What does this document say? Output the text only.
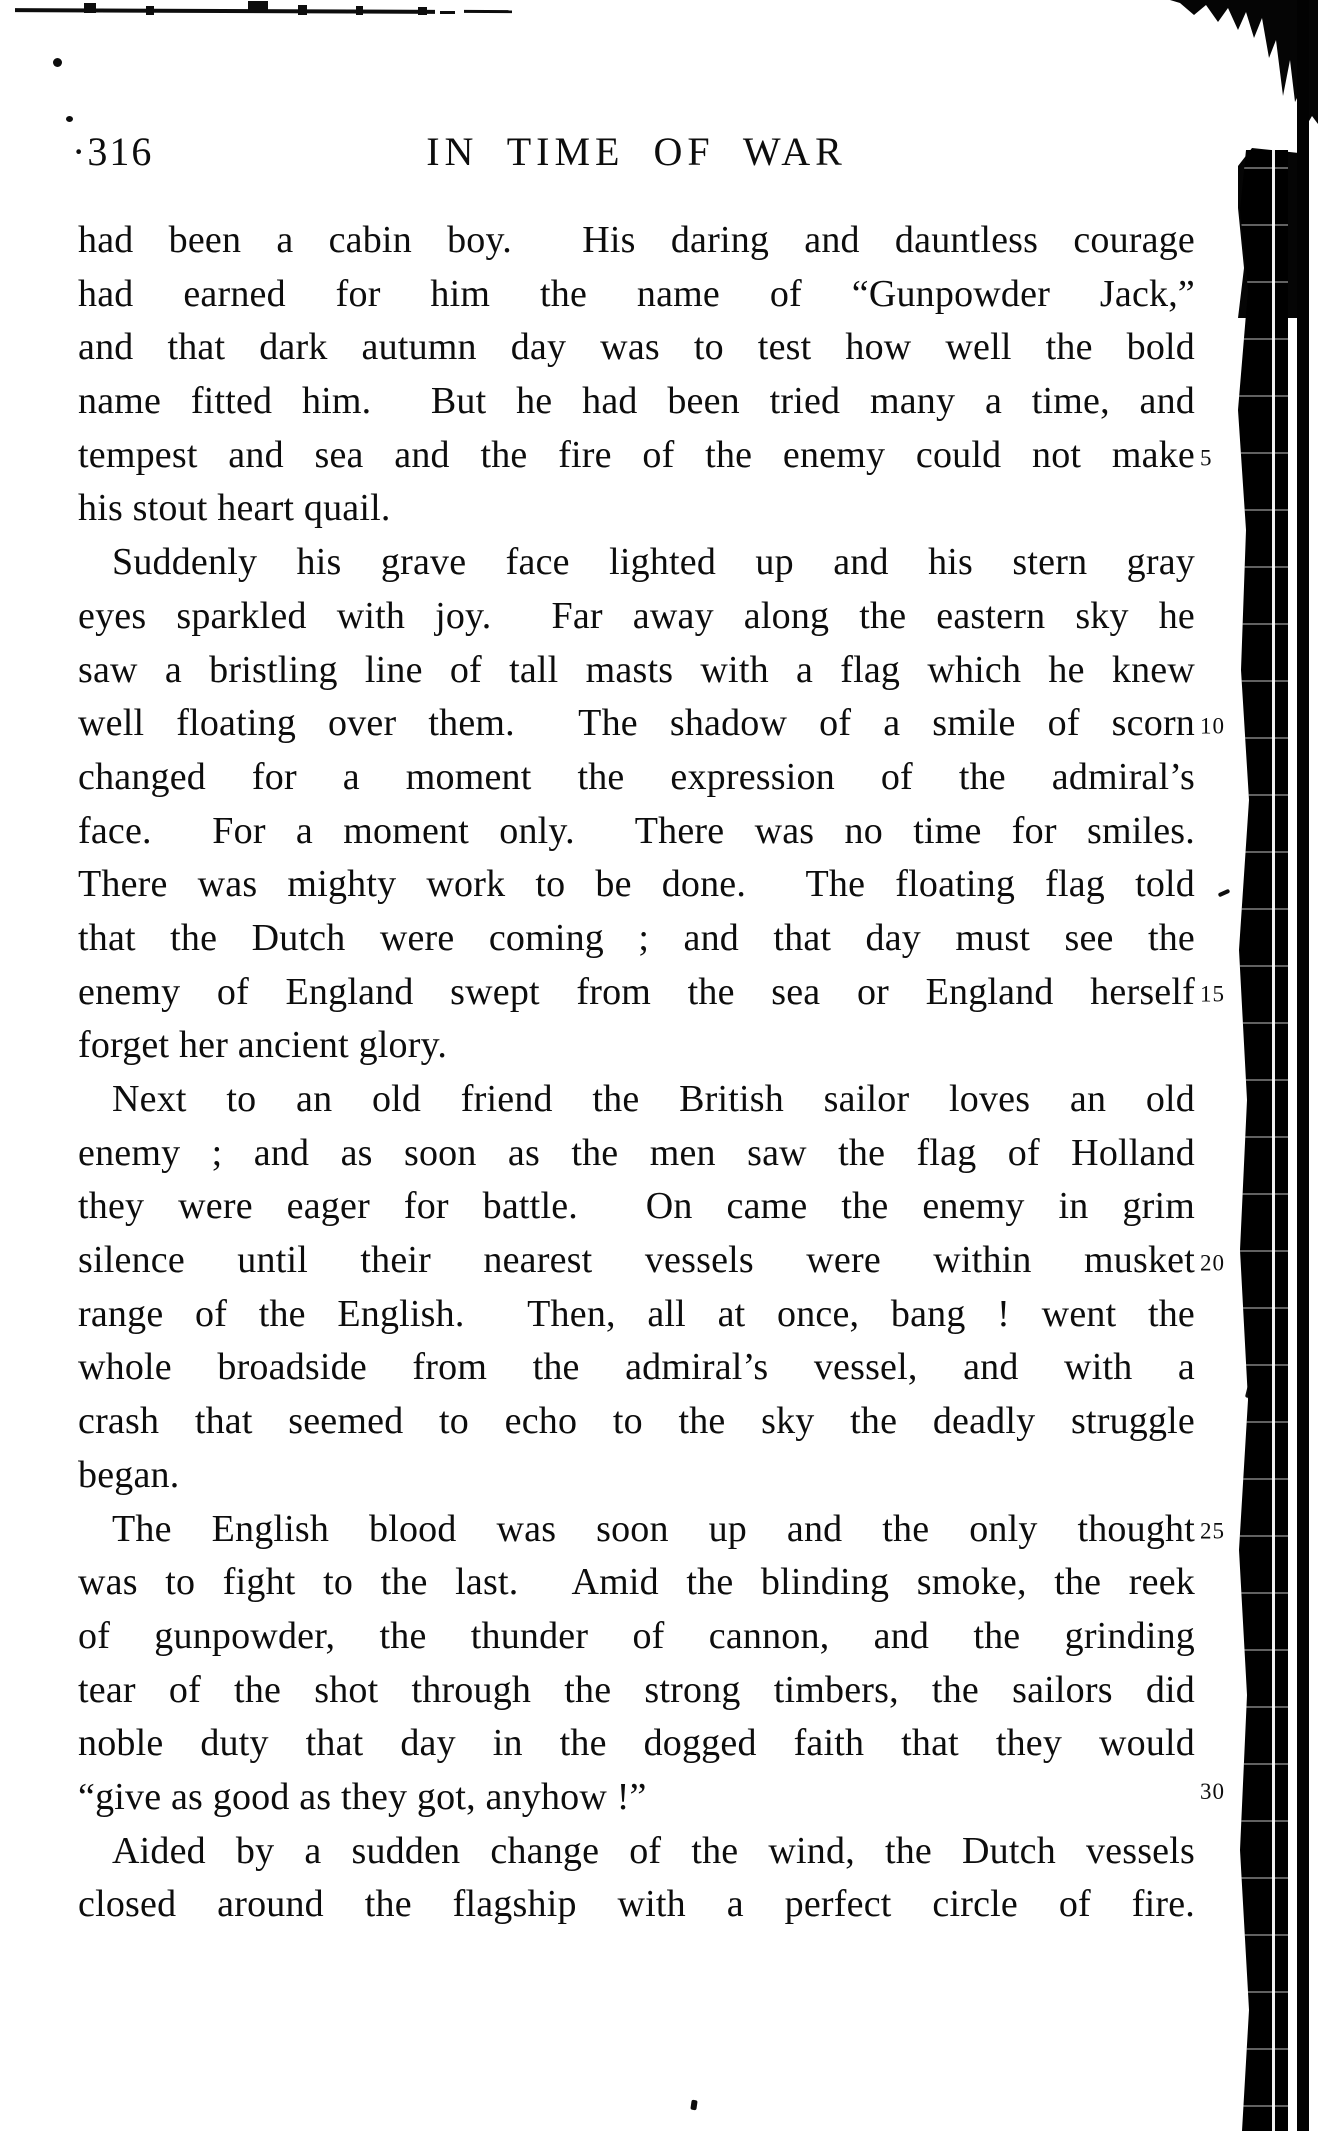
·316	IN TIME OF WAR
had been a cabin boy.  His daring and dauntless courage
had earned for him the name of “Gunpowder Jack,”
and that dark autumn day was to test how well the bold
name fitted him.  But he had been tried many a time, and
tempest and sea and the fire of the enemy could not make 5
his stout heart quail.
Suddenly his grave face lighted up and his stern gray
eyes sparkled with joy.  Far away along the eastern sky he
saw a bristling line of tall masts with a flag which he knew
well floating over them.  The shadow of a smile of scorn 10
changed for a moment the expression of the admiral’s
face.  For a moment only.  There was no time for smiles.
There was mighty work to be done.  The floating flag told
that the Dutch were coming ; and that day must see the
enemy of England swept from the sea or England herself 15
forget her ancient glory.
Next to an old friend the British sailor loves an old
enemy ; and as soon as the men saw the flag of Holland
they were eager for battle.  On came the enemy in grim
silence until their nearest vessels were within musket 20
range of the English.  Then, all at once, bang ! went the
whole broadside from the admiral’s vessel, and with a
crash that seemed to echo to the sky the deadly struggle
began.
The English blood was soon up and the only thought 25
was to fight to the last.  Amid the blinding smoke, the reek
of gunpowder, the thunder of cannon, and the grinding
tear of the shot through the strong timbers, the sailors did
noble duty that day in the dogged faith that they would
“give as good as they got, anyhow !”	30
Aided by a sudden change of the wind, the Dutch vessels
closed around the flagship with a perfect circle of fire.
